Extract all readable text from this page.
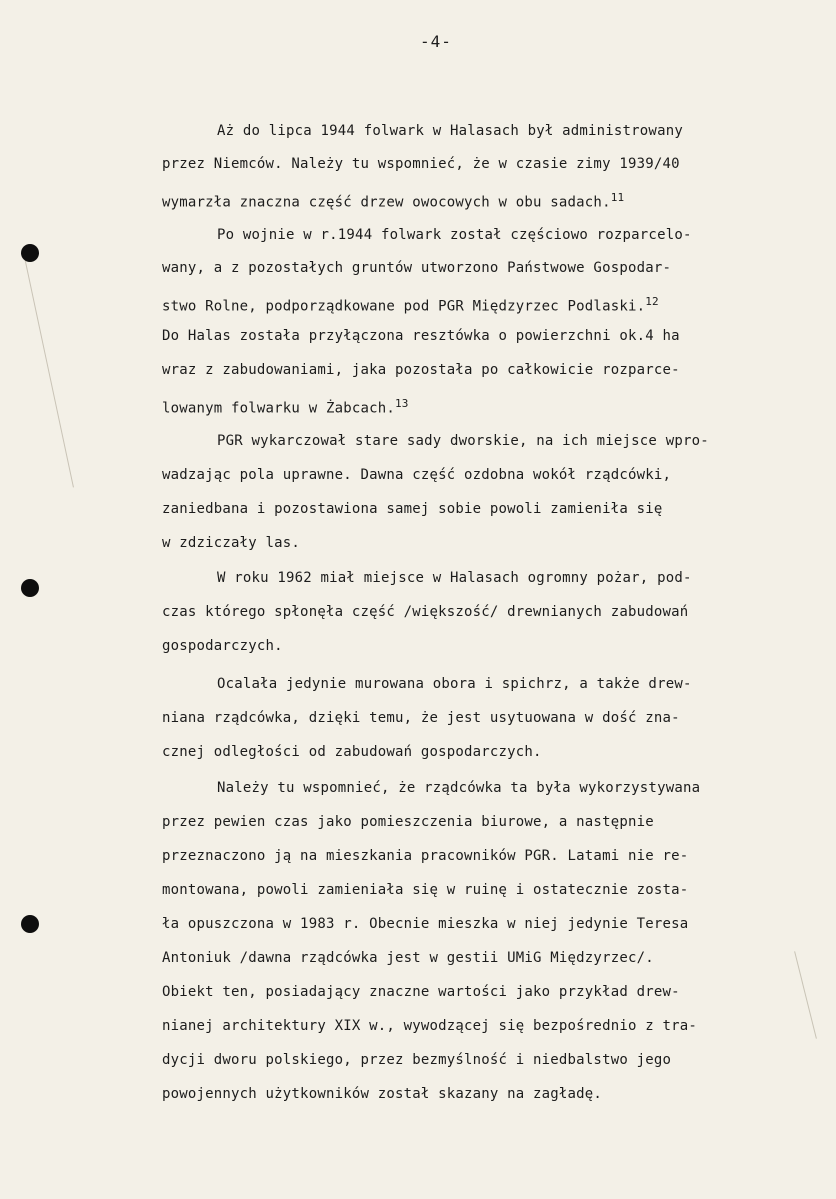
-4-
Aż do lipca 1944 folwark w Halasach był administrowany
przez Niemców. Należy tu wspomnieć, że w czasie zimy 1939/40
wymarzła znaczna część drzew owocowych w obu sadach.$^{11}$
Po wojnie w r.1944 folwark został częściowo rozparcelo-
wany, a z pozostałych gruntów utworzono Państwowe Gospodar-
stwo Rolne, podporządkowane pod PGR Międzyrzec Podlaski.$^{12}$
Do Halas została przyłączona resztówka o powierzchni ok.4 ha
wraz z zabudowaniami, jaka pozostała po całkowicie rozparce-
lowanym folwarku w Żabcach.$^{13}$
PGR wykarczował stare sady dworskie, na ich miejsce wpro-
wadzając pola uprawne. Dawna część ozdobna wokół rządcówki,
zaniedbana i pozostawiona samej sobie powoli zamieniła się
w zdziczały las.
W roku 1962 miał miejsce w Halasach ogromny pożar, pod-
czas którego spłonęła część /większość/ drewnianych zabudowań
gospodarczych.
Ocalała jedynie murowana obora i spichrz, a także drew-
niana rządcówka, dzięki temu, że jest usytuowana w dość zna-
cznej odległości od zabudowań gospodarczych.
Należy tu wspomnieć, że rządcówka ta była wykorzystywana
przez pewien czas jako pomieszczenia biurowe, a następnie
przeznaczono ją na mieszkania pracowników PGR. Latami nie re-
montowana, powoli zamieniała się w ruinę i ostatecznie zosta-
ła opuszczona w 1983 r. Obecnie mieszka w niej jedynie Teresa
Antoniuk /dawna rządcówka jest w gestii UMiG Międzyrzec/.
Obiekt ten, posiadający znaczne wartości jako przykład drew-
nianej architektury XIX w., wywodzącej się bezpośrednio z tra-
dycji dworu polskiego, przez bezmyślność i niedbalstwo jego
powojennych użytkowników został skazany na zagładę.
